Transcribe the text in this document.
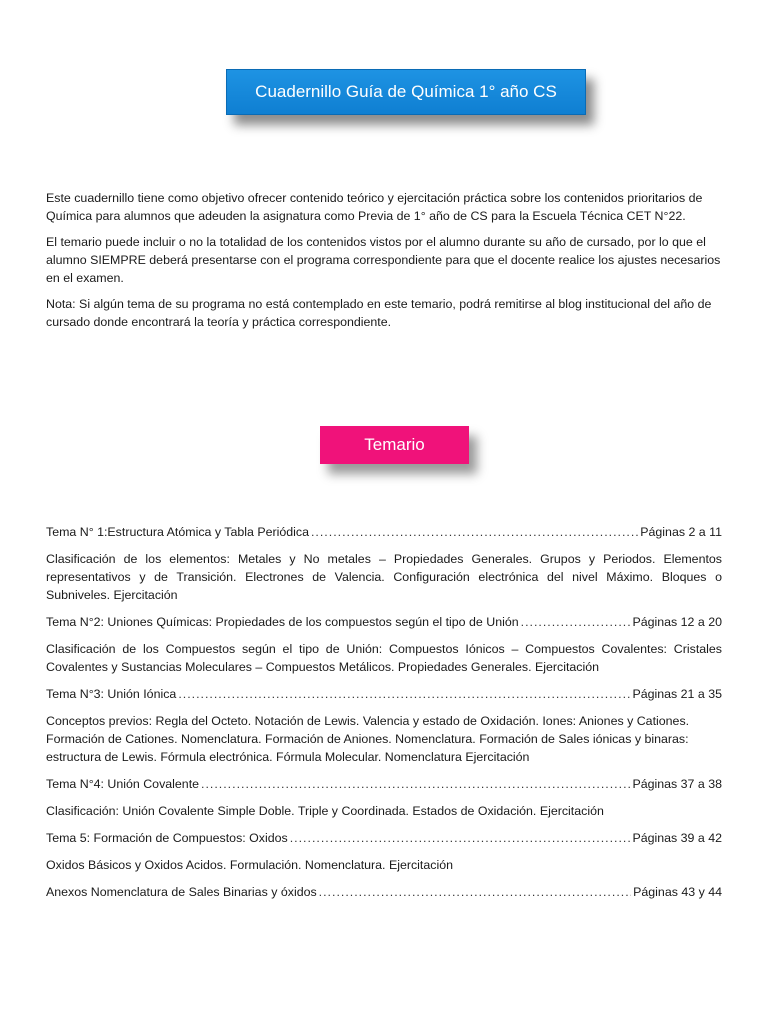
Cuadernillo Guía de Química 1° año CS

Este cuadernillo tiene como objetivo ofrecer contenido teórico y ejercitación práctica sobre los contenidos prioritarios de Química para alumnos que adeuden la asignatura como Previa de 1° año de CS para la Escuela Técnica CET N°22.

El temario puede incluir o no la totalidad de los contenidos vistos por el alumno durante su año de cursado, por lo que el alumno SIEMPRE deberá presentarse con el programa correspondiente para que el docente realice los ajustes necesarios en el examen.

Nota: Si algún tema de su programa no está contemplado en este temario, podrá remitirse al blog institucional del año de cursado donde encontrará la teoría y práctica correspondiente.

Temario

Tema N° 1:Estructura Atómica y Tabla Periódica .....	Páginas 2 a 11

Clasificación de los elementos: Metales y No metales – Propiedades Generales. Grupos y Periodos. Elementos representativos y de Transición. Electrones de Valencia. Configuración electrónica del nivel Máximo. Bloques o Subniveles. Ejercitación

Tema N°2: Uniones Químicas: Propiedades de los compuestos según el tipo de Unión .....	Páginas 12 a 20

Clasificación de los Compuestos según el tipo de Unión: Compuestos Iónicos – Compuestos Covalentes: Cristales Covalentes y Sustancias Moleculares – Compuestos Metálicos. Propiedades Generales. Ejercitación

Tema N°3: Unión Iónica .....	Páginas 21 a 35

Conceptos previos: Regla del Octeto. Notación de Lewis. Valencia y estado de Oxidación. Iones: Aniones y Cationes. Formación de Cationes. Nomenclatura. Formación de Aniones. Nomenclatura. Formación de Sales iónicas y binaras: estructura de Lewis. Fórmula electrónica. Fórmula Molecular. Nomenclatura Ejercitación

Tema N°4: Unión Covalente .....	Páginas 37 a 38

Clasificación: Unión Covalente Simple Doble. Triple y Coordinada. Estados de Oxidación. Ejercitación

Tema 5: Formación de Compuestos: Oxidos .....	Páginas 39 a 42

Oxidos Básicos y Oxidos Acidos. Formulación. Nomenclatura. Ejercitación

Anexos Nomenclatura de Sales Binarias y óxidos .....	Páginas 43 y 44
